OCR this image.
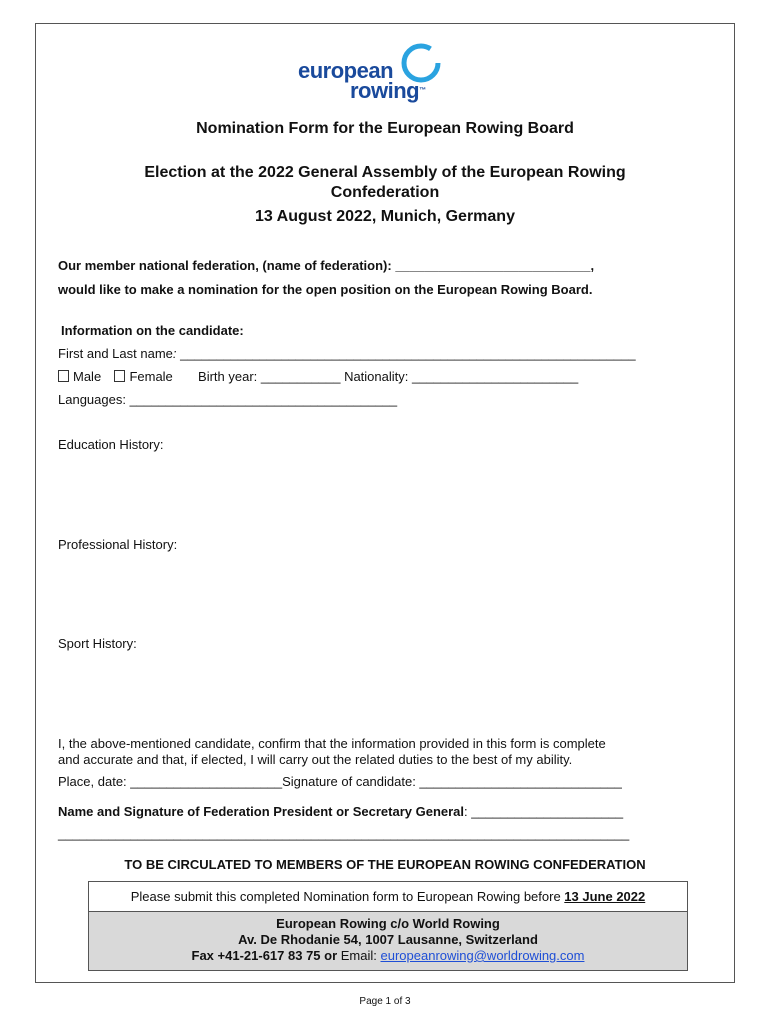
european
rowing™
Nomination Form for the European Rowing Board
Election at the 2022 General Assembly of the European Rowing
Confederation
13 August 2022, Munich, Germany
Our member national federation, (name of federation): ___________________________,
would like to make a nomination for the open position on the European Rowing Board.
Information on the candidate:
First and Last name: _______________________________________________________________
Male Female Birth year: ___________ Nationality: _______________________
Languages: _____________________________________
Education History:
Professional History:
Sport History:
I, the above-mentioned candidate, confirm that the information provided in this form is complete
and accurate and that, if elected, I will carry out the related duties to the best of my ability.
Place, date: _____________________Signature of candidate: ____________________________
Name and Signature of Federation President or Secretary General: _____________________
_______________________________________________________________________________
TO BE CIRCULATED TO MEMBERS OF THE EUROPEAN ROWING CONFEDERATION
Please submit this completed Nomination form to European Rowing before 13 June 2022
European Rowing c/o World Rowing
Av. De Rhodanie 54, 1007 Lausanne, Switzerland
Fax +41-21-617 83 75 or Email: europeanrowing@worldrowing.com
Page 1 of 3
